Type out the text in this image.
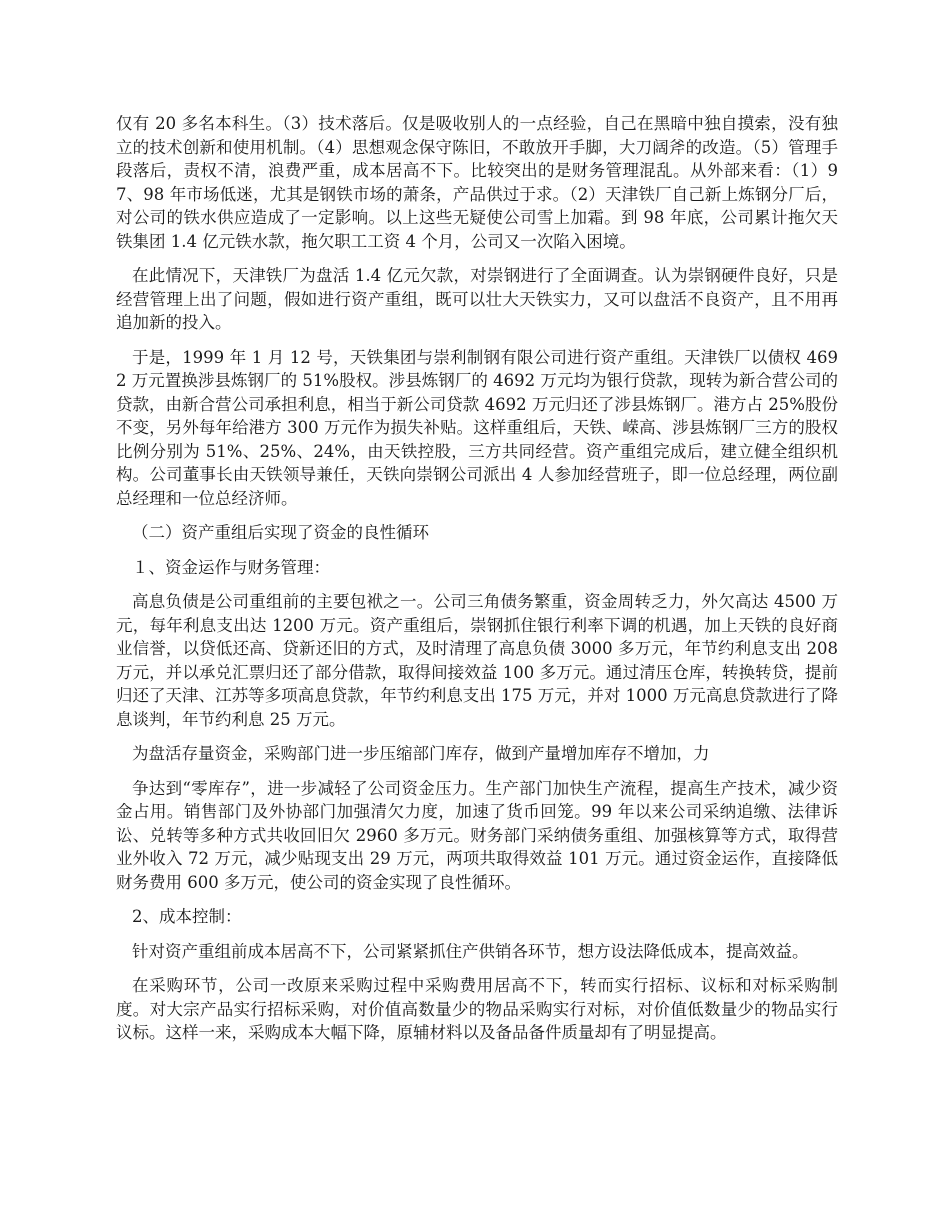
仅有 20 多名本科生。（3）技术落后。仅是吸收别人的一点经验，自己在黑暗中独自摸索，没有独立的技术创新和使用机制。（4）思想观念保守陈旧，不敢放开手脚，大刀阔斧的改造。（5）管理手段落后，责权不清，浪费严重，成本居高不下。比较突出的是财务管理混乱。从外部来看：（1）97、98 年市场低迷，尤其是钢铁市场的萧条，产品供过于求。（2）天津铁厂自己新上炼钢分厂后，对公司的铁水供应造成了一定影响。以上这些无疑使公司雪上加霜。到 98 年底，公司累计拖欠天铁集团 1.4 亿元铁水款，拖欠职工工资 4 个月，公司又一次陷入困境。

在此情况下，天津铁厂为盘活 1.4 亿元欠款，对崇钢进行了全面调查。认为崇钢硬件良好，只是经营管理上出了问题，假如进行资产重组，既可以壮大天铁实力，又可以盘活不良资产，且不用再追加新的投入。

于是，1999 年 1 月 12 号，天铁集团与崇利制钢有限公司进行资产重组。天津铁厂以债权 4692 万元置换涉县炼钢厂的 51%股权。涉县炼钢厂的 4692 万元均为银行贷款，现转为新合营公司的贷款，由新合营公司承担利息，相当于新公司贷款 4692 万元归还了涉县炼钢厂。港方占 25%股份不变，另外每年给港方 300 万元作为损失补贴。这样重组后，天铁、嵘高、涉县炼钢厂三方的股权比例分别为 51%、25%、24%，由天铁控股，三方共同经营。资产重组完成后，建立健全组织机构。公司董事长由天铁领导兼任，天铁向崇钢公司派出 4 人参加经营班子，即一位总经理，两位副总经理和一位总经济师。

（二）资产重组后实现了资金的良性循环

１、资金运作与财务管理：

高息负债是公司重组前的主要包袱之一。公司三角债务繁重，资金周转乏力，外欠高达 4500 万元，每年利息支出达 1200 万元。资产重组后，崇钢抓住银行利率下调的机遇，加上天铁的良好商业信誉，以贷低还高、贷新还旧的方式，及时清理了高息负债 3000 多万元，年节约利息支出 208 万元，并以承兑汇票归还了部分借款，取得间接效益 100 多万元。通过清压仓库，转换转贷，提前归还了天津、江苏等多项高息贷款，年节约利息支出 175 万元，并对 1000 万元高息贷款进行了降息谈判，年节约利息 25 万元。

为盘活存量资金，采购部门进一步压缩部门库存，做到产量增加库存不增加，力

争达到“零库存”，进一步减轻了公司资金压力。生产部门加快生产流程，提高生产技术，减少资金占用。销售部门及外协部门加强清欠力度，加速了货币回笼。99 年以来公司采纳追缴、法律诉讼、兑转等多种方式共收回旧欠 2960 多万元。财务部门采纳债务重组、加强核算等方式，取得营业外收入 72 万元，减少贴现支出 29 万元，两项共取得效益 101 万元。通过资金运作，直接降低财务费用 600 多万元，使公司的资金实现了良性循环。

2、成本控制：

针对资产重组前成本居高不下，公司紧紧抓住产供销各环节，想方设法降低成本，提高效益。

在采购环节，公司一改原来采购过程中采购费用居高不下，转而实行招标、议标和对标采购制度。对大宗产品实行招标采购，对价值高数量少的物品采购实行对标，对价值低数量少的物品实行议标。这样一来，采购成本大幅下降，原辅材料以及备品备件质量却有了明显提高。
